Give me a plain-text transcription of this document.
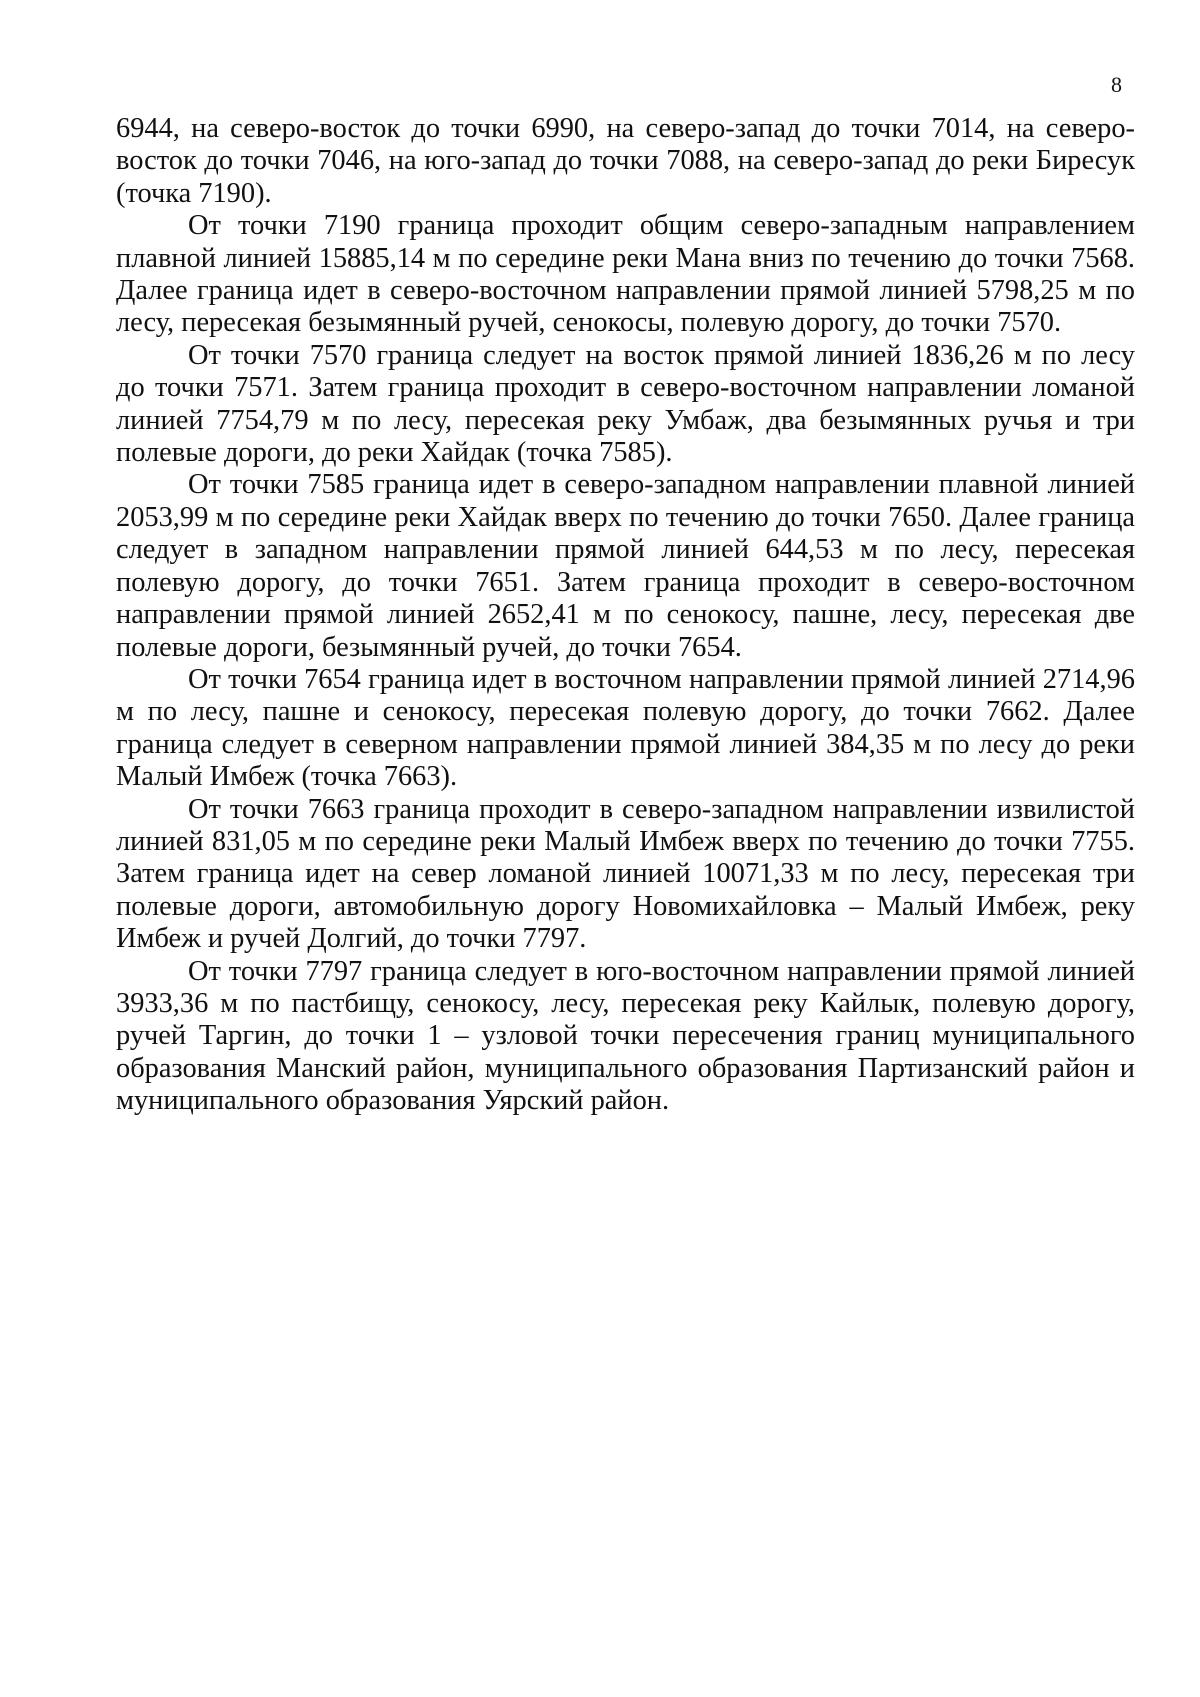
8

6944, на северо-восток до точки 6990, на северо-запад до точки 7014, на северо-восток до точки 7046, на юго-запад до точки 7088, на северо-запад до реки Биресук (точка 7190).

От точки 7190 граница проходит общим северо-западным направлением плавной линией 15885,14 м по середине реки Мана вниз по течению до точки 7568. Далее граница идет в северо-восточном направлении прямой линией 5798,25 м по лесу, пересекая безымянный ручей, сенокосы, полевую дорогу, до точки 7570.

От точки 7570 граница следует на восток прямой линией 1836,26 м по лесу до точки 7571. Затем граница проходит в северо-восточном направлении ломаной линией 7754,79 м по лесу, пересекая реку Умбаж, два безымянных ручья и три полевые дороги, до реки Хайдак (точка 7585).

От точки 7585 граница идет в северо-западном направлении плавной линией 2053,99 м по середине реки Хайдак вверх по течению до точки 7650. Далее граница следует в западном направлении прямой линией 644,53 м по лесу, пересекая полевую дорогу, до точки 7651. Затем граница проходит в северо-восточном направлении прямой линией 2652,41 м по сенокосу, пашне, лесу, пересекая две полевые дороги, безымянный ручей, до точки 7654.

От точки 7654 граница идет в восточном направлении прямой линией 2714,96 м по лесу, пашне и сенокосу, пересекая полевую дорогу, до точки 7662. Далее граница следует в северном направлении прямой линией 384,35 м по лесу до реки Малый Имбеж (точка 7663).

От точки 7663 граница проходит в северо-западном направлении извилистой линией 831,05 м по середине реки Малый Имбеж вверх по течению до точки 7755. Затем граница идет на север ломаной линией 10071,33 м по лесу, пересекая три полевые дороги, автомобильную дорогу Новомихайловка – Малый Имбеж, реку Имбеж и ручей Долгий, до точки 7797.

От точки 7797 граница следует в юго-восточном направлении прямой линией 3933,36 м по пастбищу, сенокосу, лесу, пересекая реку Кайлык, полевую дорогу, ручей Таргин, до точки 1 – узловой точки пересечения границ муниципального образования Манский район, муниципального образования Партизанский район и муниципального образования Уярский район.
